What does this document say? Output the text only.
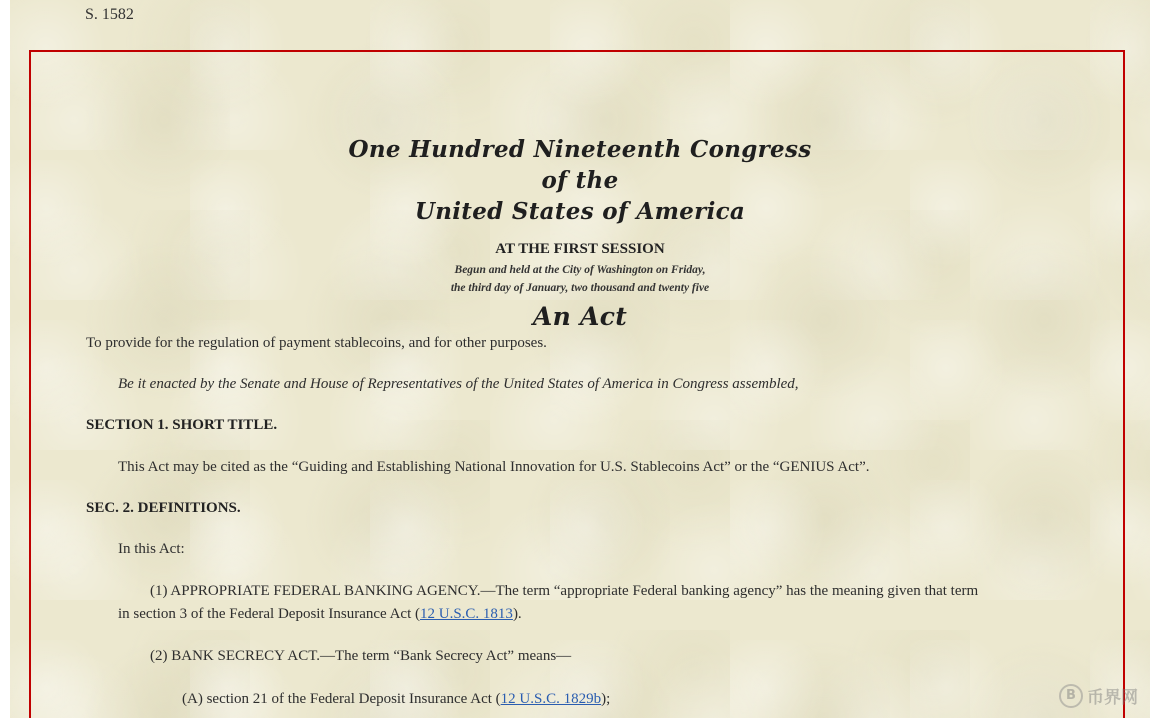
S. 1582
One Hundred Nineteenth Congress
of the
United States of America
AT THE FIRST SESSION
Begun and held at the City of Washington on Friday,
the third day of January, two thousand and twenty five
An Act
To provide for the regulation of payment stablecoins, and for other purposes.
Be it enacted by the Senate and House of Representatives of the United States of America in Congress assembled,
SECTION 1. SHORT TITLE.
This Act may be cited as the “Guiding and Establishing National Innovation for U.S. Stablecoins Act” or the “GENIUS Act”.
SEC. 2. DEFINITIONS.
In this Act:
(1) APPROPRIATE FEDERAL BANKING AGENCY.—The term “appropriate Federal banking agency” has the meaning given that term
in section 3 of the Federal Deposit Insurance Act (12 U.S.C. 1813).
(2) BANK SECRECY ACT.—The term “Bank Secrecy Act” means—
(A) section 21 of the Federal Deposit Insurance Act (12 U.S.C. 1829b);	B 币界网
